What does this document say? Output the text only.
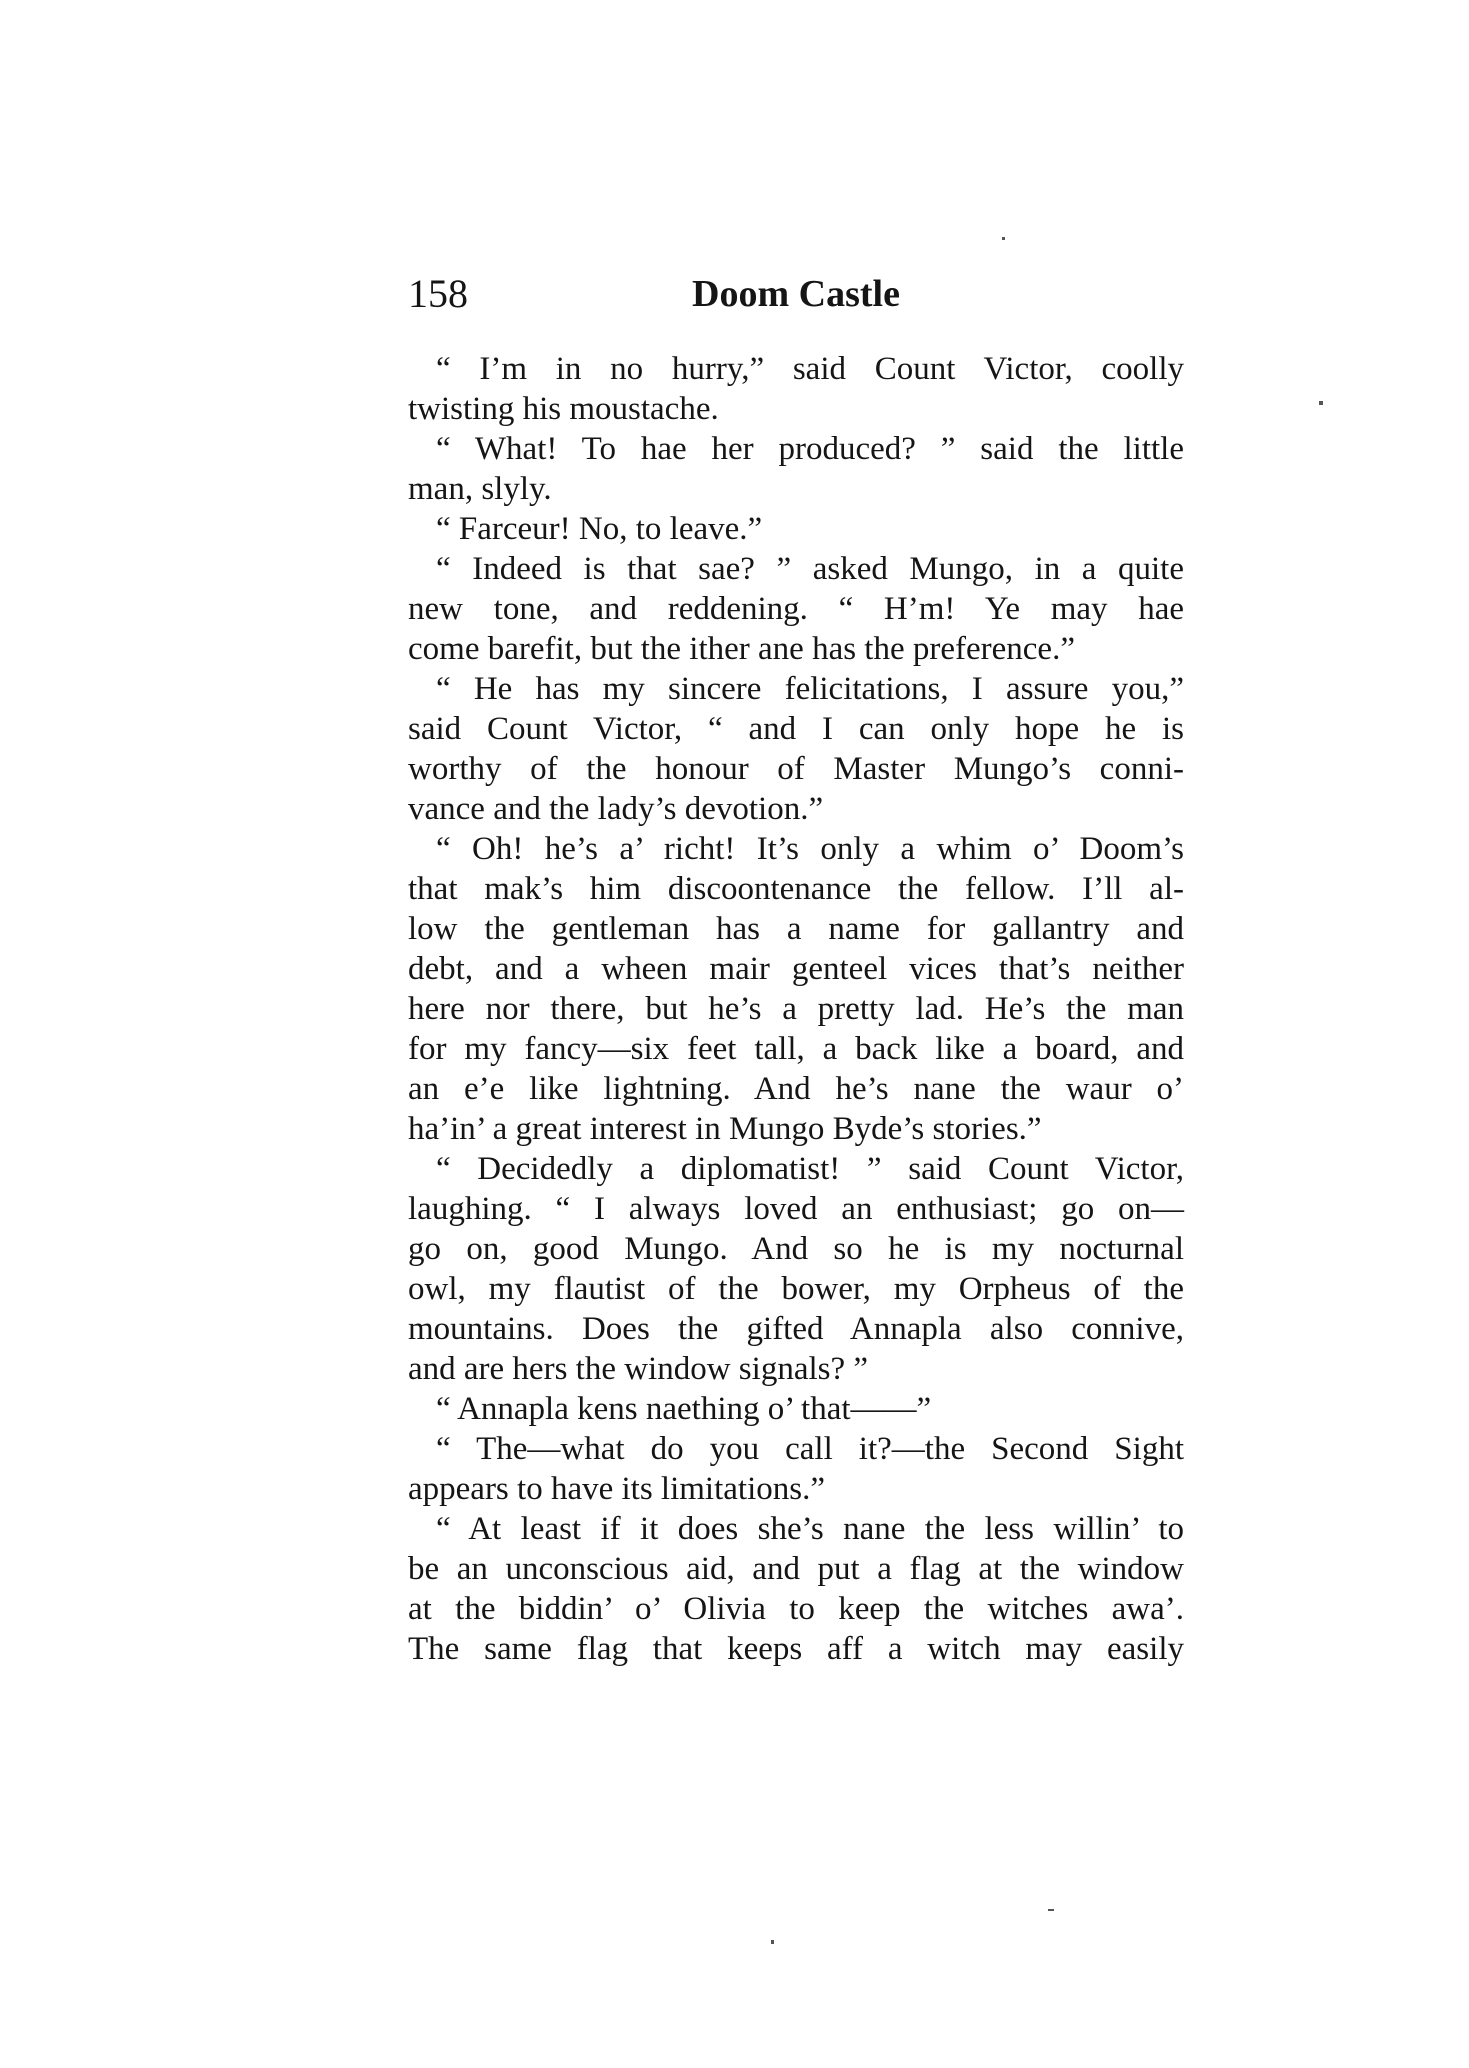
158	Doom Castle
“ I’m in no hurry,” said Count Victor, coolly
twisting his moustache.
“ What! To hae her produced? ” said the little
man, slyly.
“ Farceur! No, to leave.”
“ Indeed is that sae? ” asked Mungo, in a quite
new tone, and reddening. “ H’m! Ye may hae
come barefit, but the ither ane has the preference.”
“ He has my sincere felicitations, I assure you,”
said Count Victor, “ and I can only hope he is
worthy of the honour of Master Mungo’s conni-
vance and the lady’s devotion.”
“ Oh! he’s a’ richt! It’s only a whim o’ Doom’s
that mak’s him discoontenance the fellow. I’ll al-
low the gentleman has a name for gallantry and
debt, and a wheen mair genteel vices that’s neither
here nor there, but he’s a pretty lad. He’s the man
for my fancy—six feet tall, a back like a board, and
an e’e like lightning. And he’s nane the waur o’
ha’in’ a great interest in Mungo Byde’s stories.”
“ Decidedly a diplomatist! ” said Count Victor,
laughing. “ I always loved an enthusiast; go on—
go on, good Mungo. And so he is my nocturnal
owl, my flautist of the bower, my Orpheus of the
mountains. Does the gifted Annapla also connive,
and are hers the window signals? ”
“ Annapla kens naething o’ that——”
“ The—what do you call it?—the Second Sight
appears to have its limitations.”
“ At least if it does she’s nane the less willin’ to
be an unconscious aid, and put a flag at the window
at the biddin’ o’ Olivia to keep the witches awa’.
The same flag that keeps aff a witch may easily
